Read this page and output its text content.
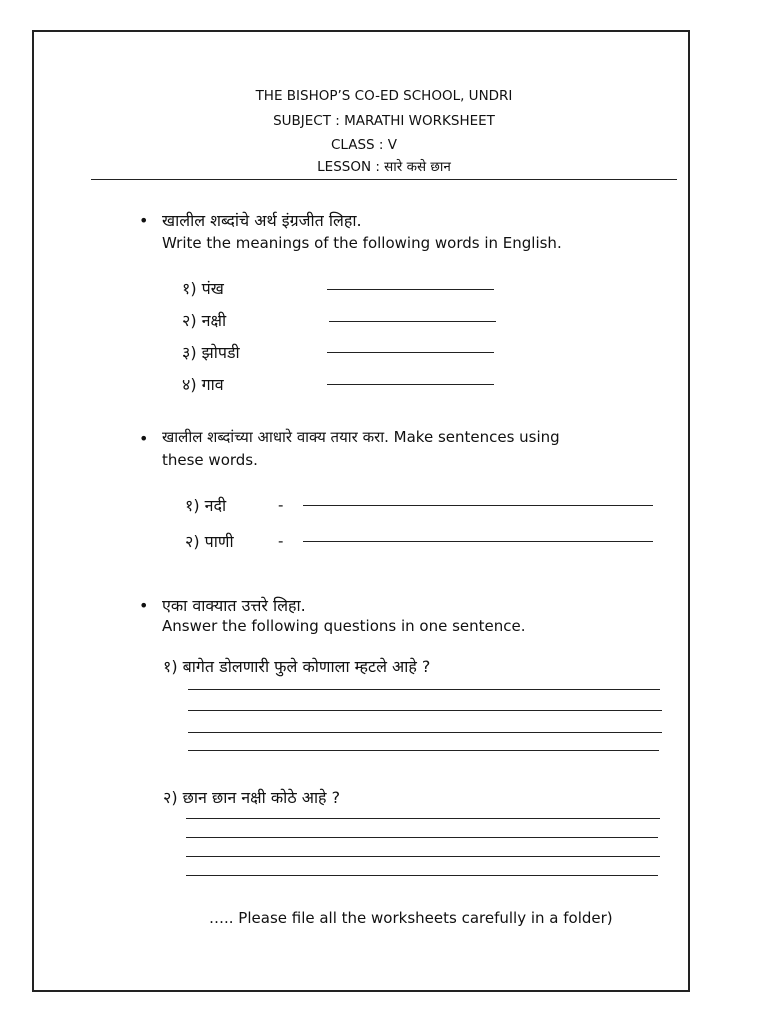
THE BISHOP’S CO-ED SCHOOL, UNDRI
SUBJECT : MARATHI WORKSHEET
CLASS : V
LESSON : सारे कसे छान
• खालील शब्दांचे अर्थ इंग्रजीत लिहा.
Write the meanings of the following words in English.
१) पंख
२) नक्षी
३) झोपडी
४) गाव
• खालील शब्दांच्या आधारे वाक्य तयार करा. Make sentences using
these words.
१) नदी	-
२) पाणी	-
• एका वाक्यात उत्तरे लिहा.
Answer the following questions in one sentence.
१) बागेत डोलणारी फुले कोणाला म्हटले आहे ?
२) छान छान नक्षी कोठे आहे ?
….. Please file all the worksheets carefully in a folder)
